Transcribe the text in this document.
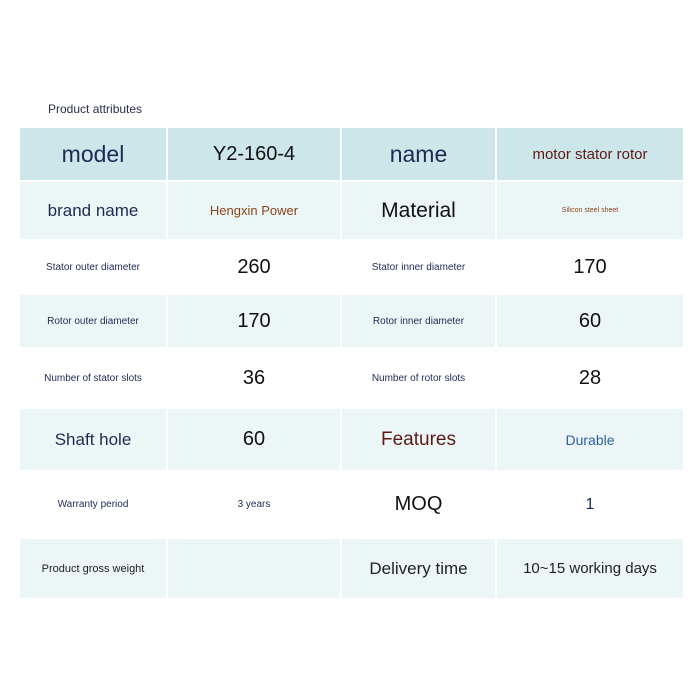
Product attributes
model	Y2-160-4	name	motor stator rotor
brand name	Hengxin Power	Material	Silicon steel sheet
Stator outer diameter	260	Stator inner diameter	170
Rotor outer diameter	170	Rotor inner diameter	60
Number of stator slots	36	Number of rotor slots	28
Shaft hole	60	Features	Durable
Warranty period	3 years	MOQ	1
Product gross weight		Delivery time	10~15 working days
